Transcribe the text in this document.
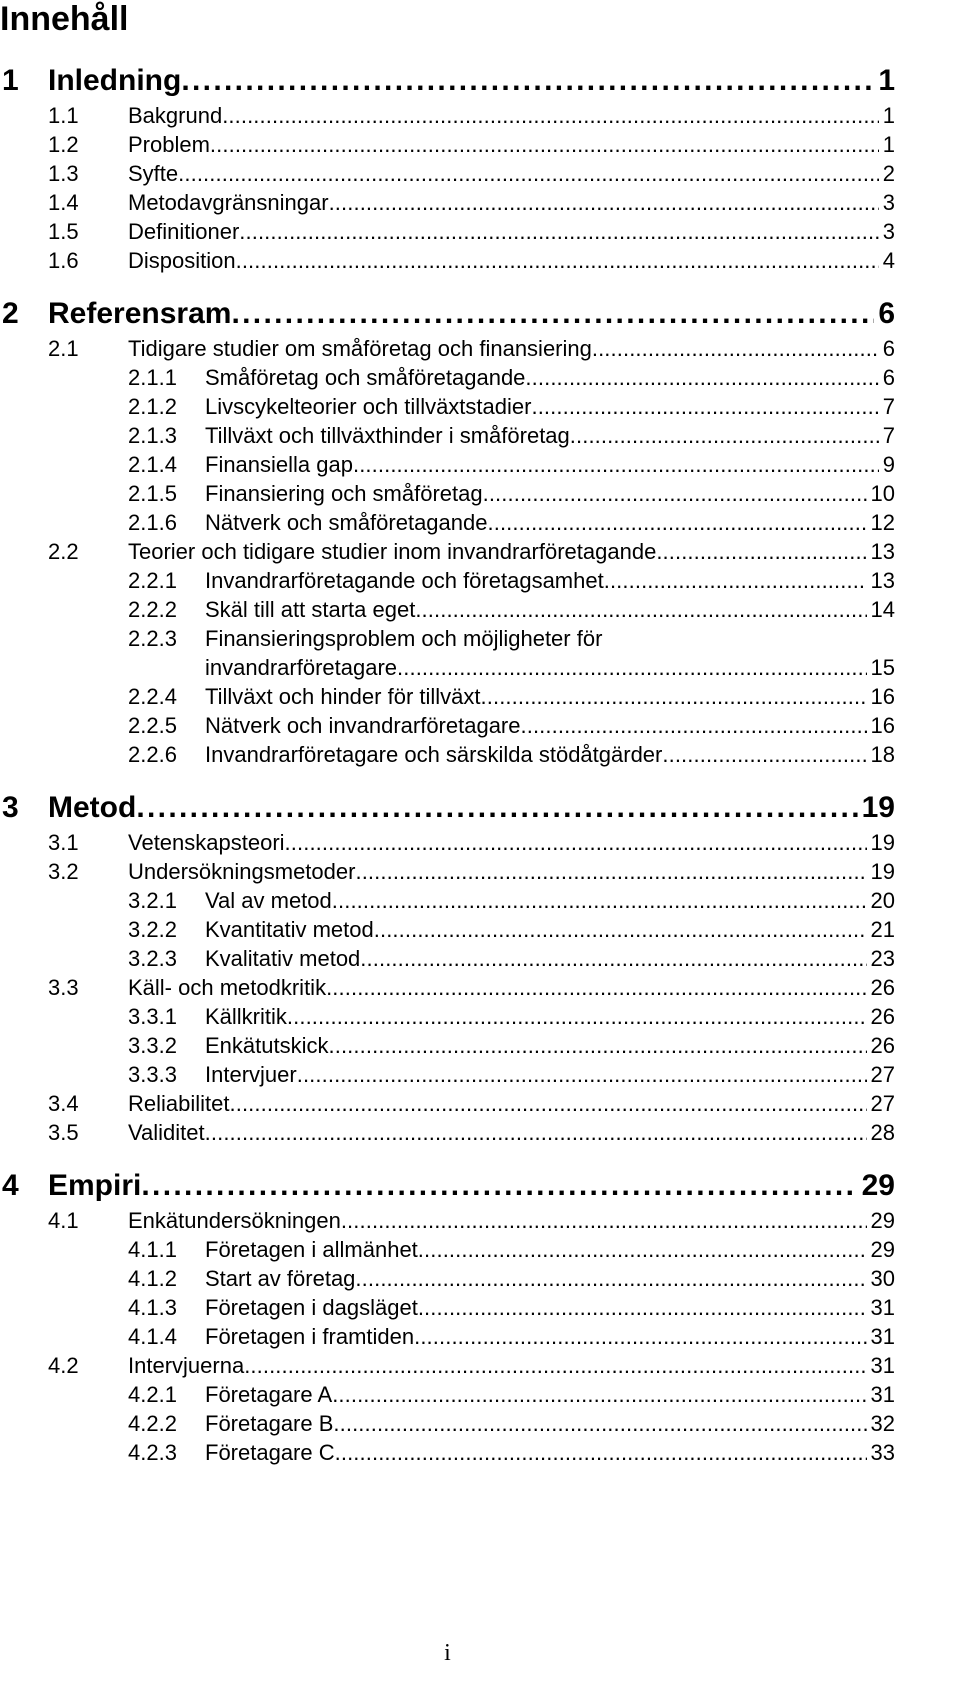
Innehåll
1 Inledning . . .	1
1.1 Bakgrund . . .	1
1.2 Problem . . .	1
1.3 Syfte . . .	2
1.4 Metodavgränsningar . . .	3
1.5 Definitioner . . .	3
1.6 Disposition . . .	4
2 Referensram . . .	6
2.1 Tidigare studier om småföretag och finansiering . . .	6
2.1.1 Småföretag och småföretagande . . .	6
2.1.2 Livscykelteorier och tillväxtstadier . . .	7
2.1.3 Tillväxt och tillväxthinder i småföretag . . .	7
2.1.4 Finansiella gap . . .	9
2.1.5 Finansiering och småföretag . . .	10
2.1.6 Nätverk och småföretagande . . .	12
2.2 Teorier och tidigare studier inom invandrarföretagande . . .	13
2.2.1 Invandrarföretagande och företagsamhet . . .	13
2.2.2 Skäl till att starta eget . . .	14
2.2.3 Finansieringsproblem och möjligheter för
invandrarföretagare . . .	15
2.2.4 Tillväxt och hinder för tillväxt . . .	16
2.2.5 Nätverk och invandrarföretagare . . .	16
2.2.6 Invandrarföretagare och särskilda stödåtgärder . . .	18
3 Metod . . .	19
3.1 Vetenskapsteori . . .	19
3.2 Undersökningsmetoder . . .	19
3.2.1 Val av metod . . .	20
3.2.2 Kvantitativ metod . . .	21
3.2.3 Kvalitativ metod . . .	23
3.3 Käll- och metodkritik . . .	26
3.3.1 Källkritik . . .	26
3.3.2 Enkätutskick . . .	26
3.3.3 Intervjuer . . .	27
3.4 Reliabilitet . . .	27
3.5 Validitet . . .	28
4 Empiri . . .	29
4.1 Enkätundersökningen . . .	29
4.1.1 Företagen i allmänhet . . .	29
4.1.2 Start av företag . . .	30
4.1.3 Företagen i dagsläget . . .	31
4.1.4 Företagen i framtiden . . .	31
4.2 Intervjuerna . . .	31
4.2.1 Företagare A . . .	31
4.2.2 Företagare B . . .	32
4.2.3 Företagare C . . .	33
i
